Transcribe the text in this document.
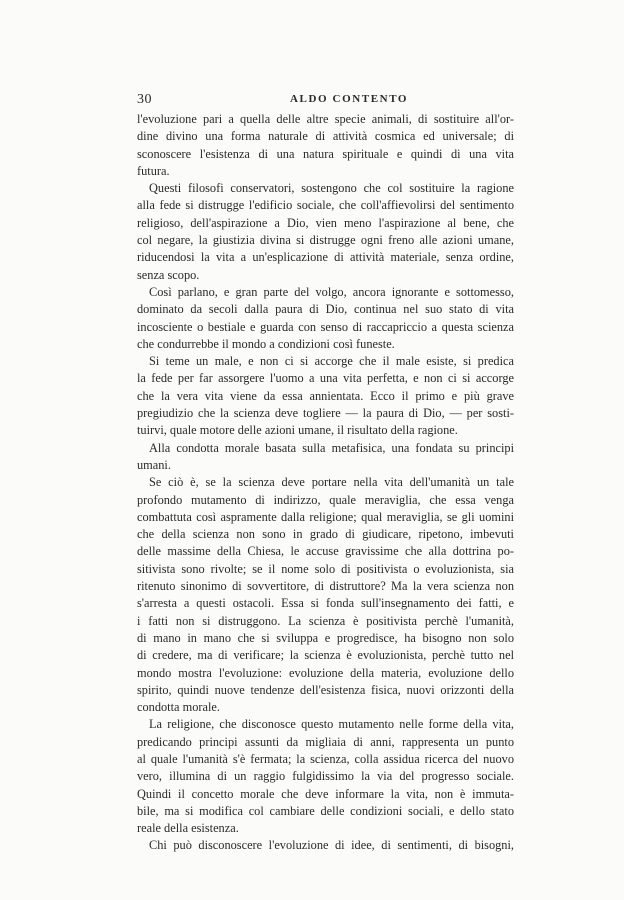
30	ALDO CONTENTO

l'evoluzione pari a quella delle altre specie animali, di sostituire all'or-
dine divino una forma naturale di attività cosmica ed universale; di
sconoscere l'esistenza di una natura spirituale e quindi di una vita
futura.

Questi filosofi conservatori, sostengono che col sostituire la ragione
alla fede si distrugge l'edificio sociale, che coll'affievolirsi del sentimento
religioso, dell'aspirazione a Dio, vien meno l'aspirazione al bene, che
col negare, la giustizia divina si distrugge ogni freno alle azioni umane,
riducendosi la vita a un'esplicazione di attività materiale, senza ordine,
senza scopo.

Così parlano, e gran parte del volgo, ancora ignorante e sottomesso,
dominato da secoli dalla paura di Dio, continua nel suo stato di vita
incosciente o bestiale e guarda con senso di raccapriccio a questa scienza
che condurrebbe il mondo a condizioni così funeste.

Si teme un male, e non ci si accorge che il male esiste, si predica
la fede per far assorgere l'uomo a una vita perfetta, e non ci si accorge
che la vera vita viene da essa annientata. Ecco il primo e più grave
pregiudizio che la scienza deve togliere — la paura di Dio, — per sosti-
tuirvi, quale motore delle azioni umane, il risultato della ragione.

Alla condotta morale basata sulla metafisica, una fondata su principi
umani.

Se ciò è, se la scienza deve portare nella vita dell'umanità un tale
profondo mutamento di indirizzo, quale meraviglia, che essa venga
combattuta così aspramente dalla religione; qual meraviglia, se gli uomini
che della scienza non sono in grado di giudicare, ripetono, imbevuti
delle massime della Chiesa, le accuse gravissime che alla dottrina po-
sitivista sono rivolte; se il nome solo di positivista o evoluzionista, sia
ritenuto sinonimo di sovvertitore, di distruttore? Ma la vera scienza non
s'arresta a questi ostacoli. Essa si fonda sull'insegnamento dei fatti, e
i fatti non si distruggono. La scienza è positivista perchè l'umanità,
di mano in mano che si sviluppa e progredisce, ha bisogno non solo
di credere, ma di verificare; la scienza è evoluzionista, perchè tutto nel
mondo mostra l'evoluzione: evoluzione della materia, evoluzione dello
spirito, quindi nuove tendenze dell'esistenza fisica, nuovi orizzonti della
condotta morale.

La religione, che disconosce questo mutamento nelle forme della vita,
predicando principi assunti da migliaia di anni, rappresenta un punto
al quale l'umanità s'è fermata; la scienza, colla assidua ricerca del nuovo
vero, illumina di un raggio fulgidissimo la via del progresso sociale.
Quindi il concetto morale che deve informare la vita, non è immuta-
bile, ma si modifica col cambiare delle condizioni sociali, e dello stato
reale della esistenza.

Chi può disconoscere l'evoluzione di idee, di sentimenti, di bisogni,
